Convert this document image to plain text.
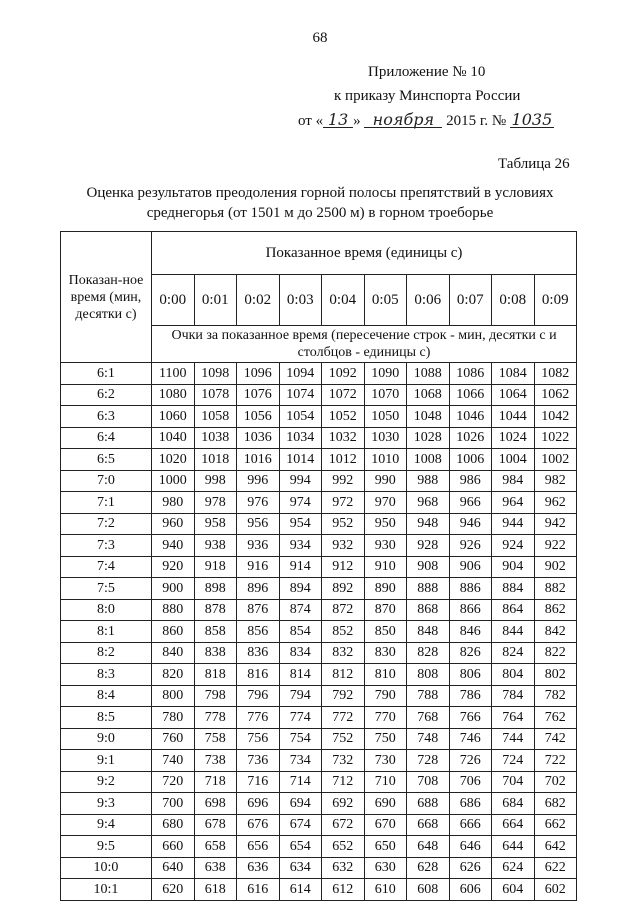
68
Приложение № 10
к приказу Минспорта России
от « 13 » ноября 2015 г. № 1035
Таблица 26
Оценка результатов преодоления горной полосы препятствий в условиях среднегорья (от 1501 м до 2500 м) в горном троеборье
Показан-ное время (мин, десятки с)	Показанное время (единицы с)									
	0:00	0:01	0:02	0:03	0:04	0:05	0:06	0:07	0:08	0:09
	Очки за показанное время (пересечение строк - мин, десятки с и столбцов - единицы с)									
6:1	1100	1098	1096	1094	1092	1090	1088	1086	1084	1082
6:2	1080	1078	1076	1074	1072	1070	1068	1066	1064	1062
6:3	1060	1058	1056	1054	1052	1050	1048	1046	1044	1042
6:4	1040	1038	1036	1034	1032	1030	1028	1026	1024	1022
6:5	1020	1018	1016	1014	1012	1010	1008	1006	1004	1002
7:0	1000	998	996	994	992	990	988	986	984	982
7:1	980	978	976	974	972	970	968	966	964	962
7:2	960	958	956	954	952	950	948	946	944	942
7:3	940	938	936	934	932	930	928	926	924	922
7:4	920	918	916	914	912	910	908	906	904	902
7:5	900	898	896	894	892	890	888	886	884	882
8:0	880	878	876	874	872	870	868	866	864	862
8:1	860	858	856	854	852	850	848	846	844	842
8:2	840	838	836	834	832	830	828	826	824	822
8:3	820	818	816	814	812	810	808	806	804	802
8:4	800	798	796	794	792	790	788	786	784	782
8:5	780	778	776	774	772	770	768	766	764	762
9:0	760	758	756	754	752	750	748	746	744	742
9:1	740	738	736	734	732	730	728	726	724	722
9:2	720	718	716	714	712	710	708	706	704	702
9:3	700	698	696	694	692	690	688	686	684	682
9:4	680	678	676	674	672	670	668	666	664	662
9:5	660	658	656	654	652	650	648	646	644	642
10:0	640	638	636	634	632	630	628	626	624	622
10:1	620	618	616	614	612	610	608	606	604	602
